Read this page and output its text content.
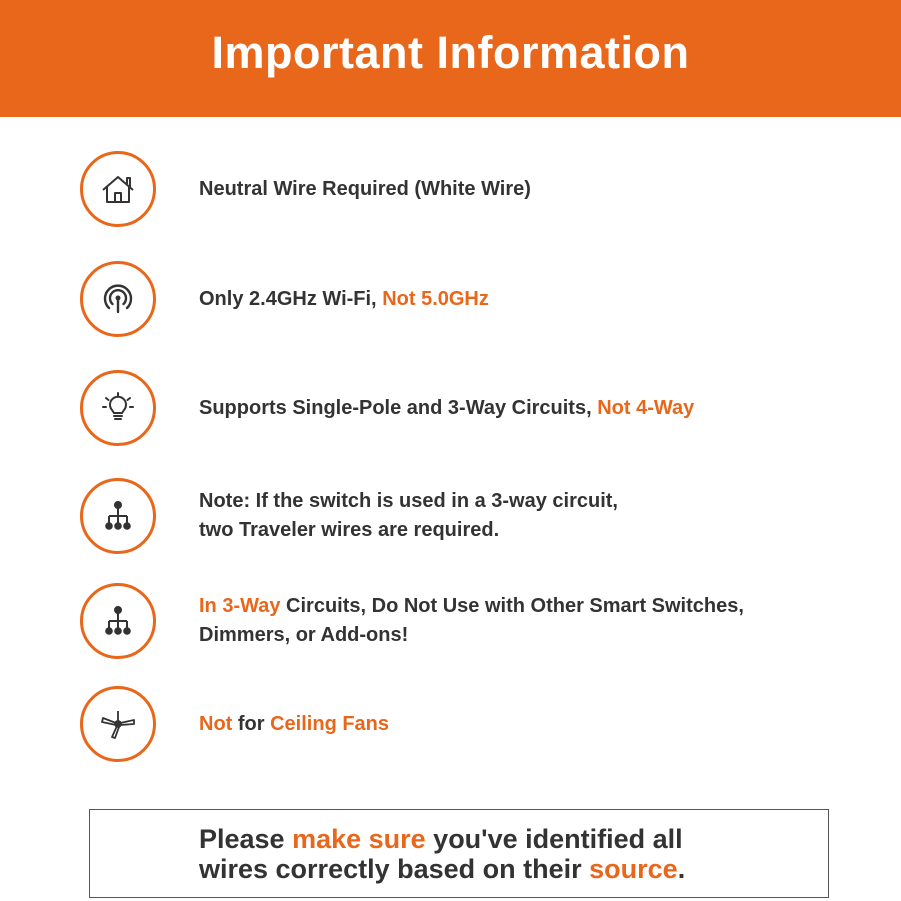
Important Information
Neutral Wire Required (White Wire)
Only 2.4GHz Wi-Fi, Not 5.0GHz
Supports Single-Pole and 3-Way Circuits, Not 4-Way
Note: If the switch is used in a 3-way circuit,
two Traveler wires are required.
In 3-Way Circuits, Do Not Use with Other Smart Switches,
Dimmers, or Add-ons!
Not for Ceiling Fans
Please make sure you've identified all
wires correctly based on their source.
